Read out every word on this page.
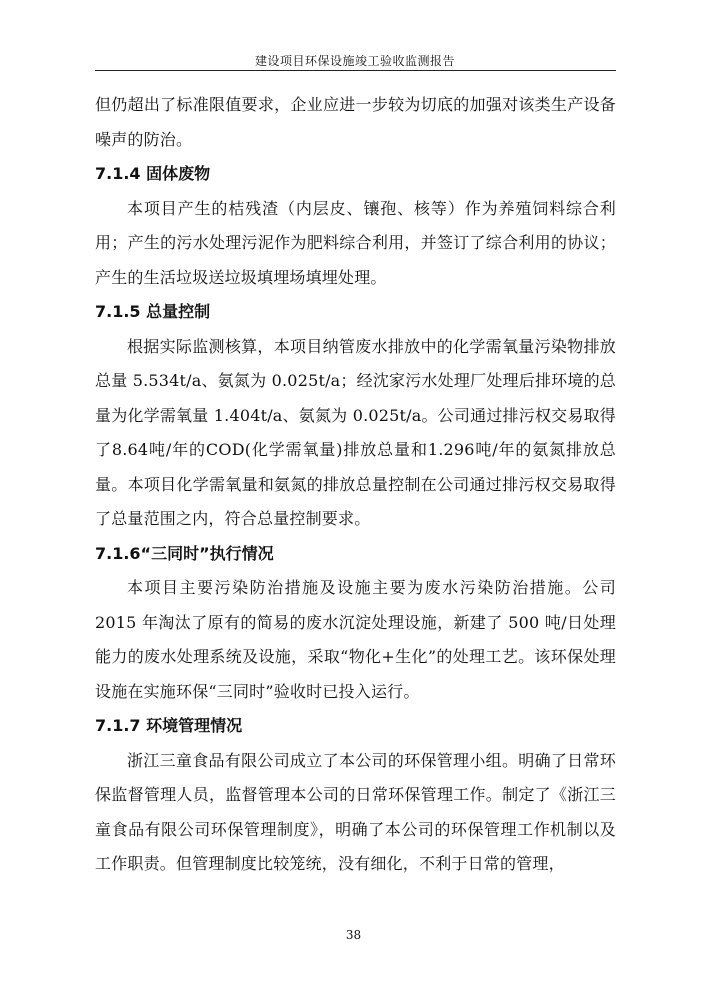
建设项目环保设施竣工验收监测报告

但仍超出了标准限值要求，企业应进一步较为切底的加强对该类生产设备噪声的防治。

7.1.4 固体废物

本项目产生的桔残渣（内层皮、镶孢、核等）作为养殖饲料综合利用；产生的污水处理污泥作为肥料综合利用，并签订了综合利用的协议；产生的生活垃圾送垃圾填埋场填埋处理。

7.1.5 总量控制

根据实际监测核算，本项目纳管废水排放中的化学需氧量污染物排放总量 5.534t/a、氨氮为 0.025t/a；经沈家污水处理厂处理后排环境的总量为化学需氧量 1.404t/a、氨氮为 0.025t/a。公司通过排污权交易取得了8.64吨/年的COD(化学需氧量)排放总量和1.296吨/年的氨氮排放总量。本项目化学需氧量和氨氮的排放总量控制在公司通过排污权交易取得了总量范围之内，符合总量控制要求。

7.1.6“三同时”执行情况

本项目主要污染防治措施及设施主要为废水污染防治措施。公司 2015 年淘汰了原有的简易的废水沉淀处理设施，新建了 500 吨/日处理能力的废水处理系统及设施，采取“物化+生化”的处理工艺。该环保处理设施在实施环保“三同时”验收时已投入运行。

7.1.7 环境管理情况

浙江三童食品有限公司成立了本公司的环保管理小组。明确了日常环保监督管理人员，监督管理本公司的日常环保管理工作。制定了《浙江三童食品有限公司环保管理制度》，明确了本公司的环保管理工作机制以及工作职责。但管理制度比较笼统，没有细化，不利于日常的管理，

38
